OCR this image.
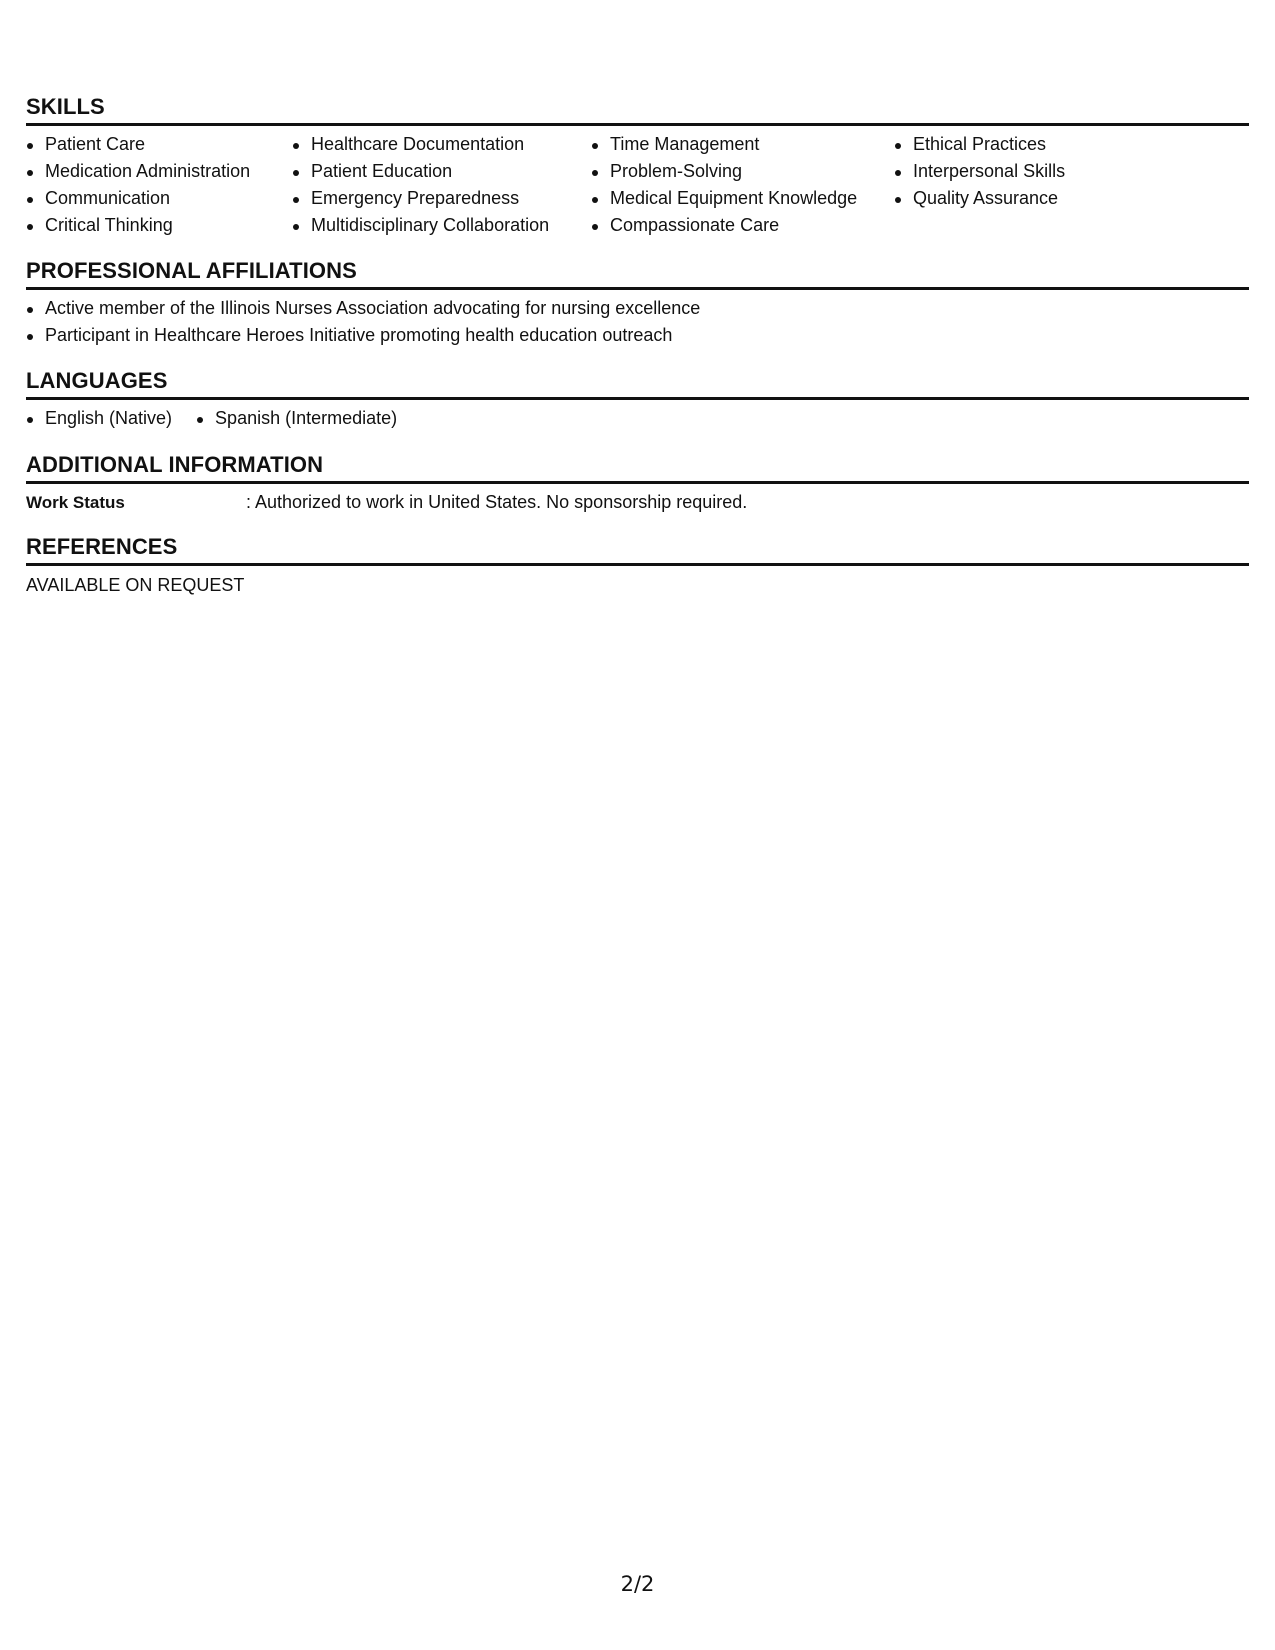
SKILLS
Patient Care
Medication Administration
Communication
Critical Thinking
Healthcare Documentation
Patient Education
Emergency Preparedness
Multidisciplinary Collaboration
Time Management
Problem-Solving
Medical Equipment Knowledge
Compassionate Care
Ethical Practices
Interpersonal Skills
Quality Assurance
PROFESSIONAL AFFILIATIONS
Active member of the Illinois Nurses Association advocating for nursing excellence
Participant in Healthcare Heroes Initiative promoting health education outreach
LANGUAGES
English (Native)	Spanish (Intermediate)
ADDITIONAL INFORMATION
Work Status	: Authorized to work in United States. No sponsorship required.
REFERENCES

AVAILABLE ON REQUEST

2/2
